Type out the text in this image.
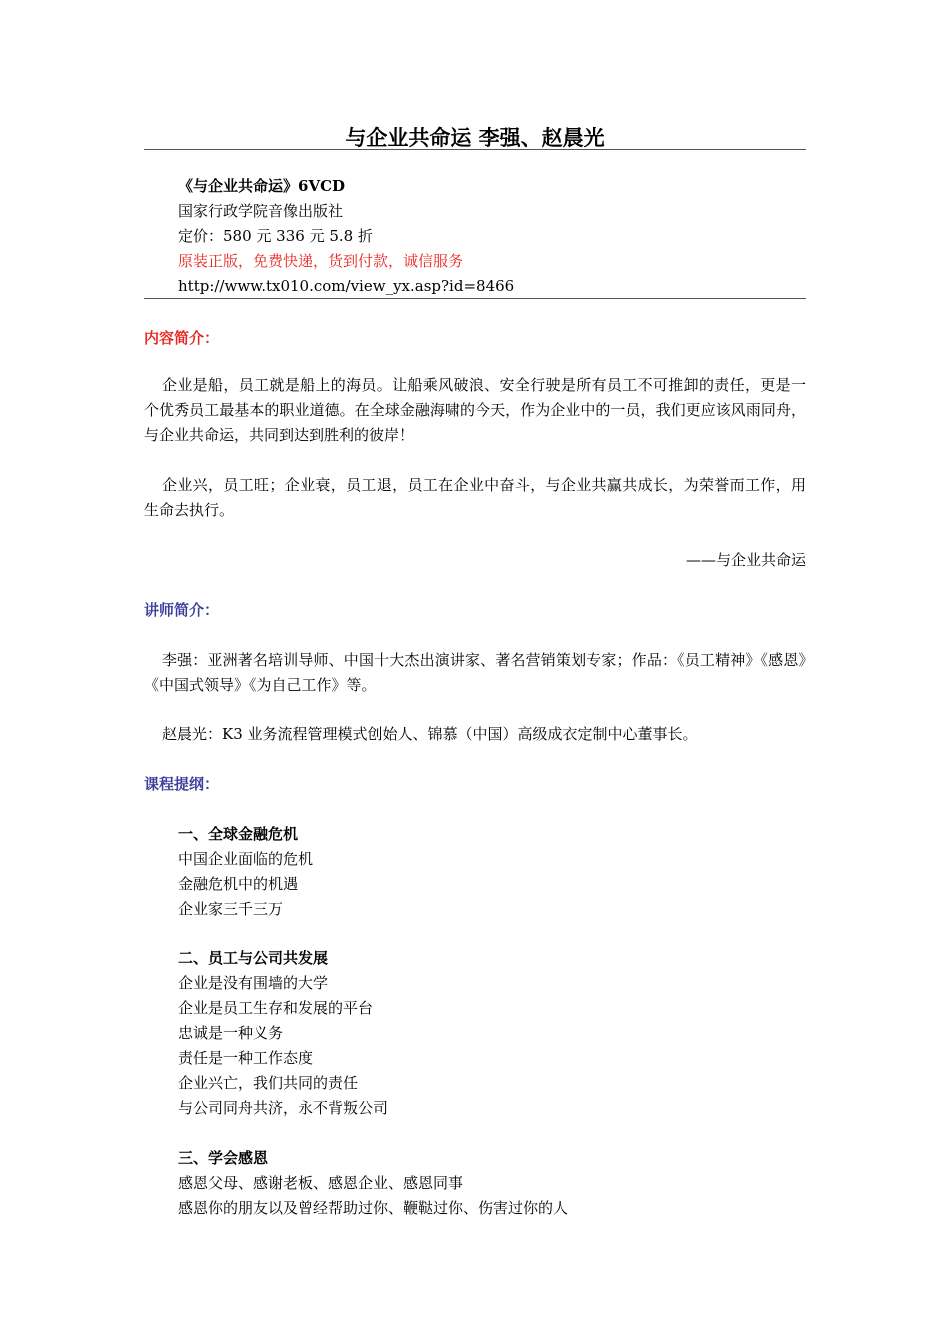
与企业共命运 李强、赵晨光
《与企业共命运》6VCD
国家行政学院音像出版社
定价：580 元 336 元 5.8 折
原装正版，免费快递，货到付款，诚信服务
http://www.tx010.com/view_yx.asp?id=8466
内容简介：
企业是船，员工就是船上的海员。让船乘风破浪、安全行驶是所有员工不可推卸的责任，更是一个优秀员工最基本的职业道德。在全球金融海啸的今天，作为企业中的一员，我们更应该风雨同舟，与企业共命运，共同到达到胜利的彼岸！
企业兴，员工旺；企业衰，员工退，员工在企业中奋斗，与企业共赢共成长，为荣誉而工作，用生命去执行。
——与企业共命运
讲师简介：
李强：亚洲著名培训导师、中国十大杰出演讲家、著名营销策划专家；作品：《员工精神》《感恩》《中国式领导》《为自己工作》等。
赵晨光：K3 业务流程管理模式创始人、锦慕（中国）高级成衣定制中心董事长。
课程提纲：
一、全球金融危机
中国企业面临的危机
金融危机中的机遇
企业家三千三万
二、员工与公司共发展
企业是没有围墙的大学
企业是员工生存和发展的平台
忠诚是一种义务
责任是一种工作态度
企业兴亡，我们共同的责任
与公司同舟共济，永不背叛公司
三、学会感恩
感恩父母、感谢老板、感恩企业、感恩同事
感恩你的朋友以及曾经帮助过你、鞭鞑过你、伤害过你的人
